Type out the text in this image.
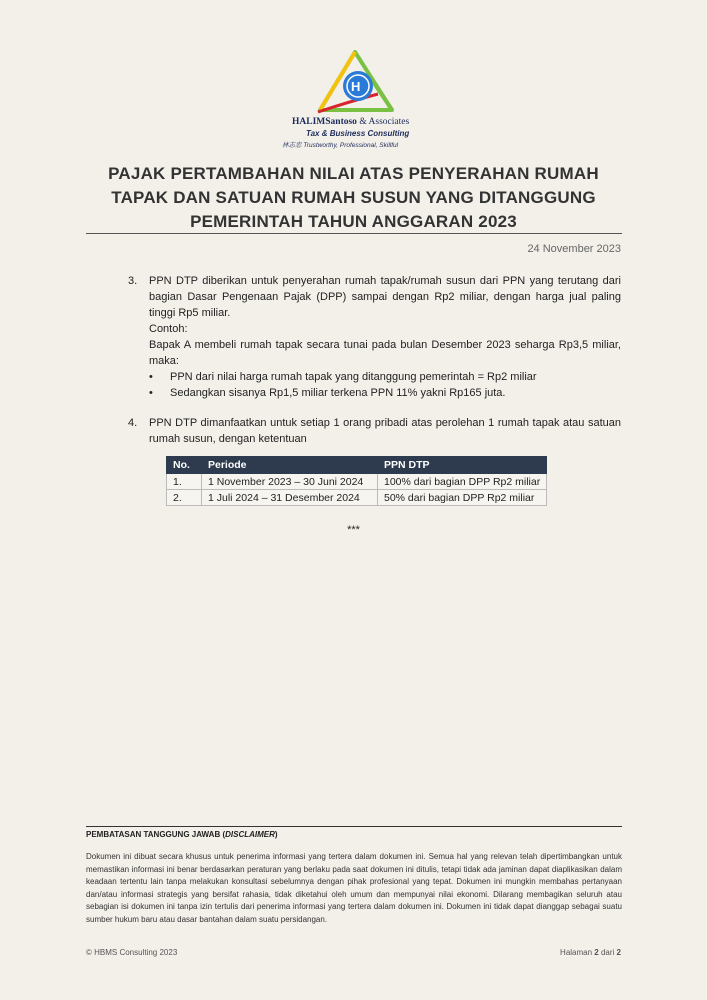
H
HALIMSantoso & Associates
Tax & Business Consulting
林志忠 Trustworthy, Professional, Skillful
PAJAK PERTAMBAHAN NILAI ATAS PENYERAHAN RUMAH
TAPAK DAN SATUAN RUMAH SUSUN YANG DITANGGUNG
PEMERINTAH TAHUN ANGGARAN 2023
24 November 2023
3. PPN DTP diberikan untuk penyerahan rumah tapak/rumah susun dari PPN yang terutang dari bagian Dasar Pengenaan Pajak (DPP) sampai dengan Rp2 miliar, dengan harga jual paling tinggi Rp5 miliar.
Contoh:
Bapak A membeli rumah tapak secara tunai pada bulan Desember 2023 seharga Rp3,5 miliar, maka:
• PPN dari nilai harga rumah tapak yang ditanggung pemerintah = Rp2 miliar
• Sedangkan sisanya Rp1,5 miliar terkena PPN 11% yakni Rp165 juta.
4. PPN DTP dimanfaatkan untuk setiap 1 orang pribadi atas perolehan 1 rumah tapak atau satuan rumah susun, dengan ketentuan
No.	Periode	PPN DTP
1.	1 November 2023 – 30 Juni 2024	100% dari bagian DPP Rp2 miliar
2.	1 Juli 2024 – 31 Desember 2024	50% dari bagian DPP Rp2 miliar
***
PEMBATASAN TANGGUNG JAWAB (DISCLAIMER)
Dokumen ini dibuat secara khusus untuk penerima informasi yang tertera dalam dokumen ini. Semua hal yang relevan telah dipertimbangkan untuk memastikan informasi ini benar berdasarkan peraturan yang berlaku pada saat dokumen ini ditulis, tetapi tidak ada jaminan dapat diaplikasikan dalam keadaan tertentu lain tanpa melakukan konsultasi sebelumnya dengan pihak profesional yang tepat. Dokumen ini mungkin membahas pertanyaan dan/atau informasi strategis yang bersifat rahasia, tidak diketahui oleh umum dan mempunyai nilai ekonomi. Dilarang membagikan seluruh atau sebagian isi dokumen ini tanpa izin tertulis dari penerima informasi yang tertera dalam dokumen ini. Dokumen ini tidak dapat dianggap sebagai suatu sumber hukum baru atau dasar bantahan dalam suatu persidangan.
© HBMS Consulting 2023	Halaman 2 dari 2
